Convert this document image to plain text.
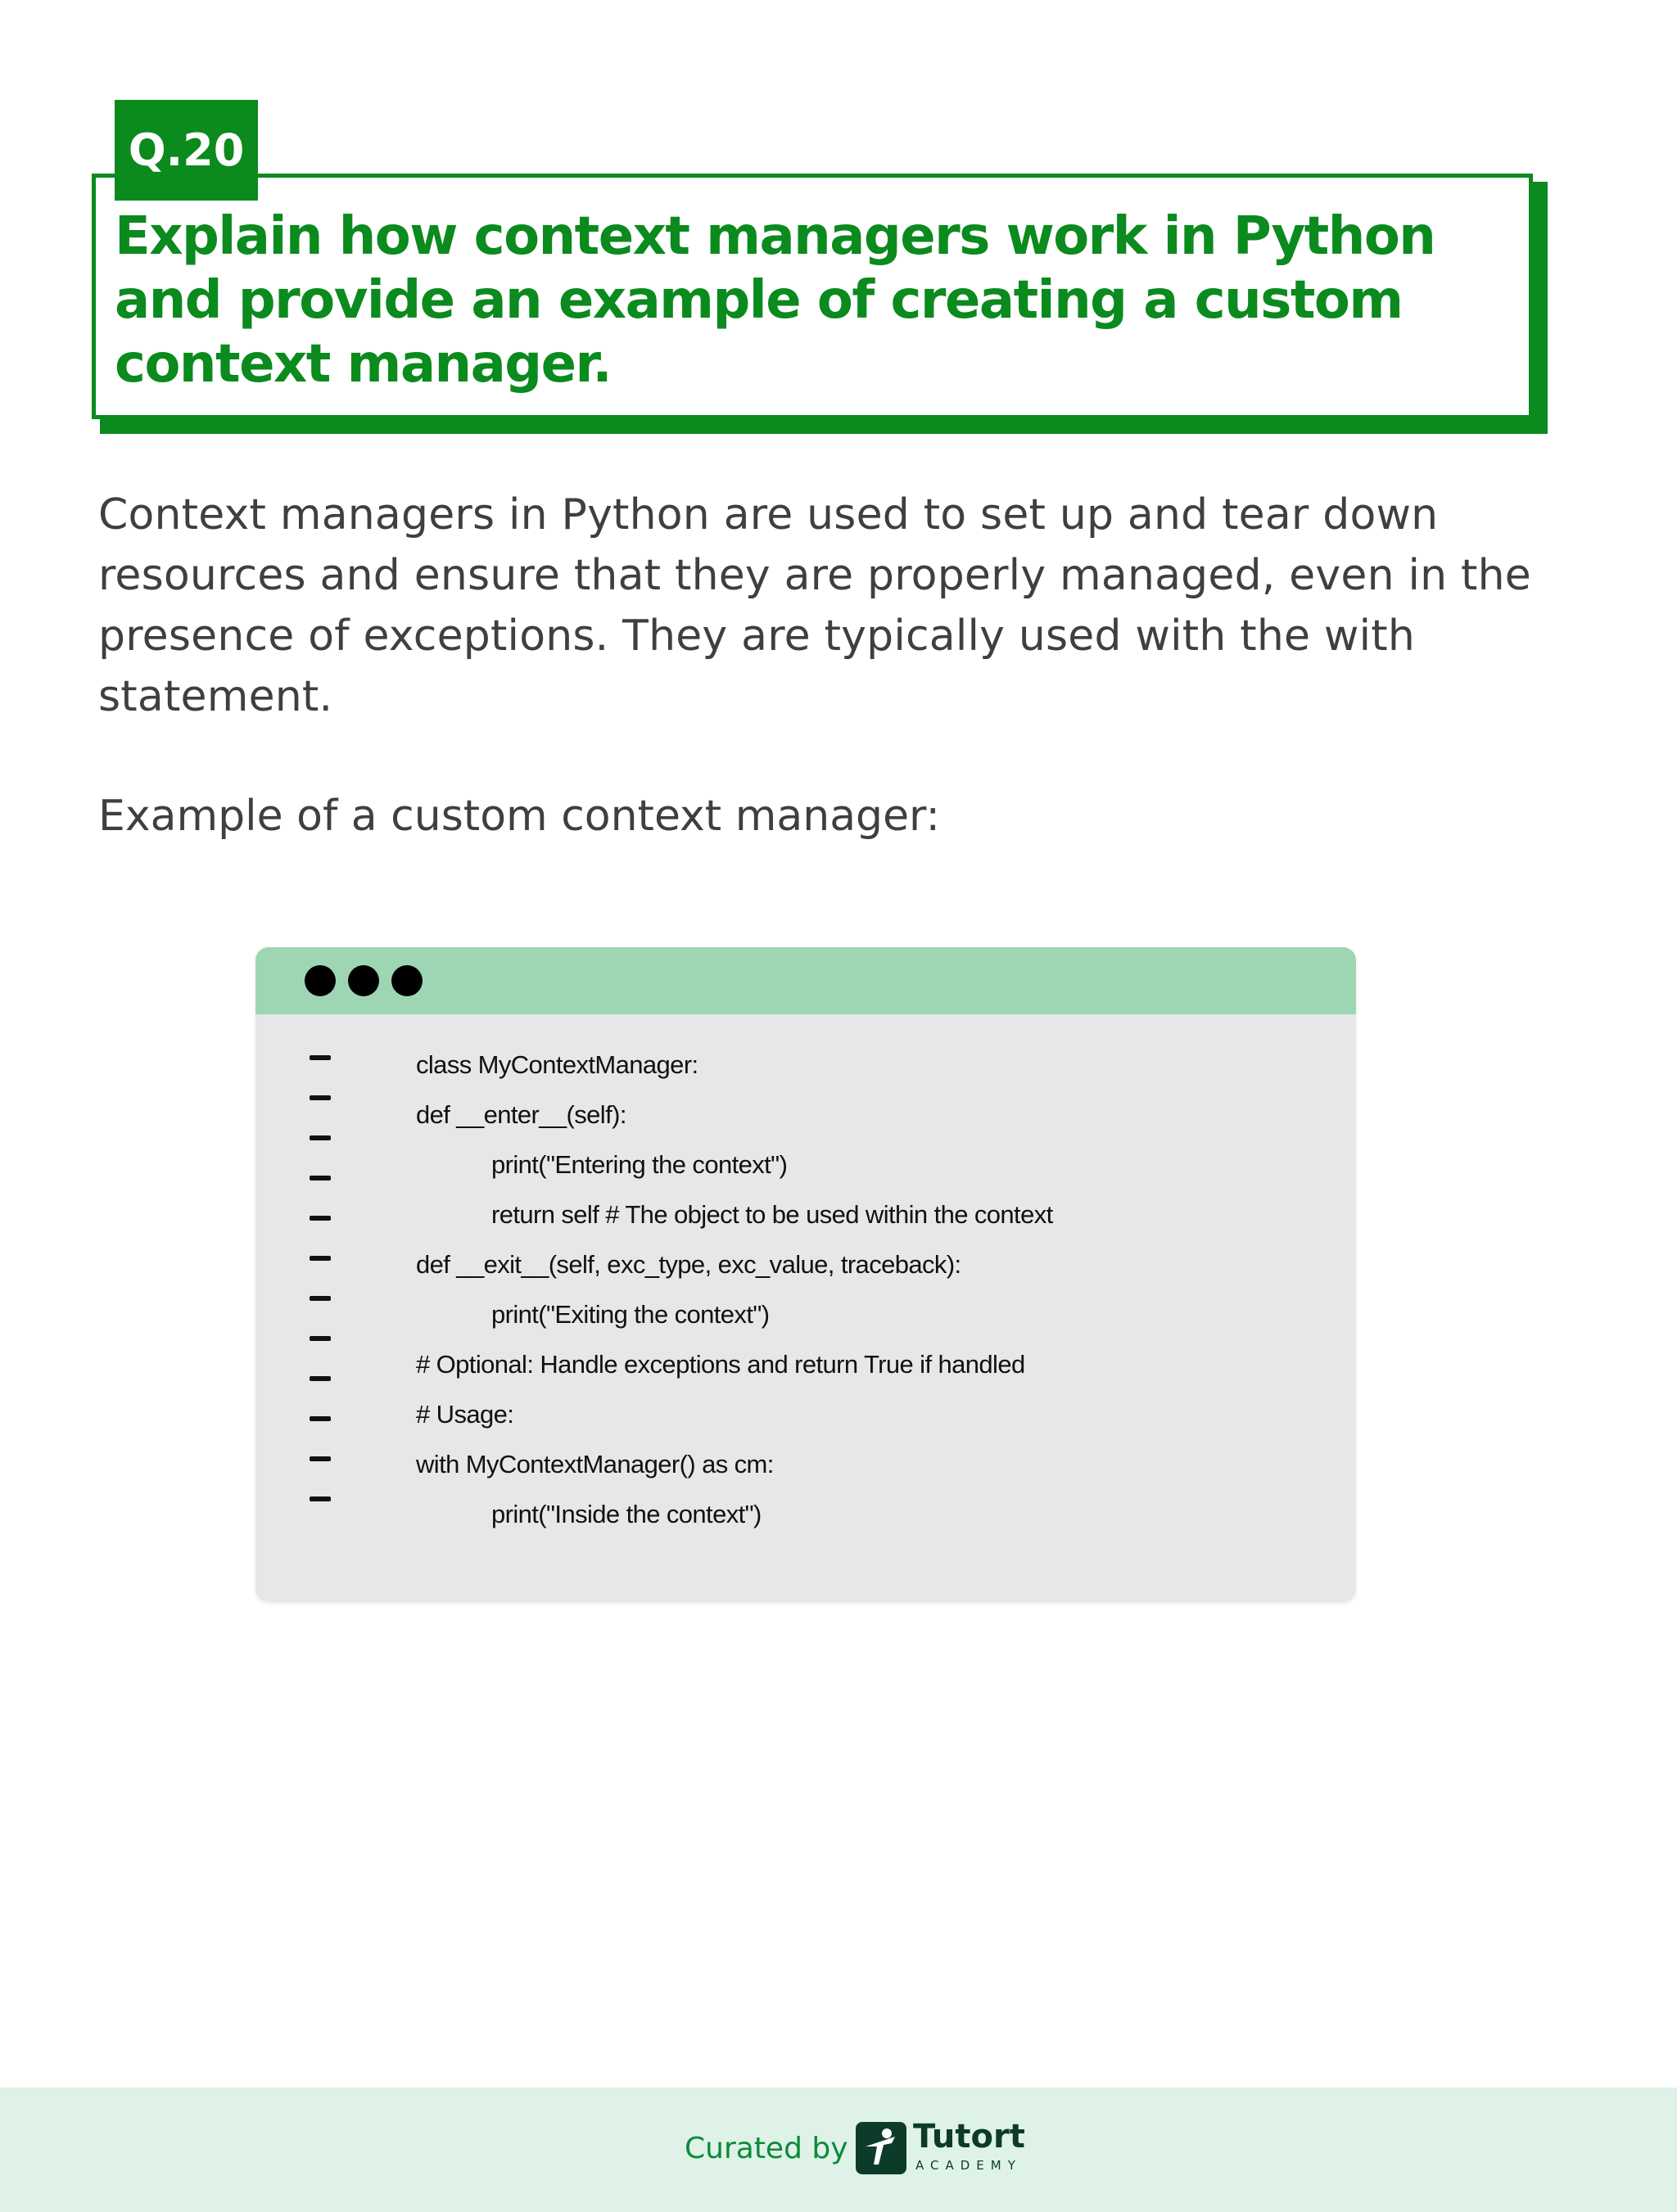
Q.20
Explain how context managers work in Python and provide an example of creating a custom context manager.

Context managers in Python are used to set up and tear down resources and ensure that they are properly managed, even in the presence of exceptions. They are typically used with the with statement.

Example of a custom context manager:

class MyContextManager:
def __enter__(self):
print("Entering the context")
return self # The object to be used within the context
def __exit__(self, exc_type, exc_value, traceback):
print("Exiting the context")
# Optional: Handle exceptions and return True if handled
# Usage:
with MyContextManager() as cm:
print("Inside the context")
Curated by Tutort
ACADEMY
